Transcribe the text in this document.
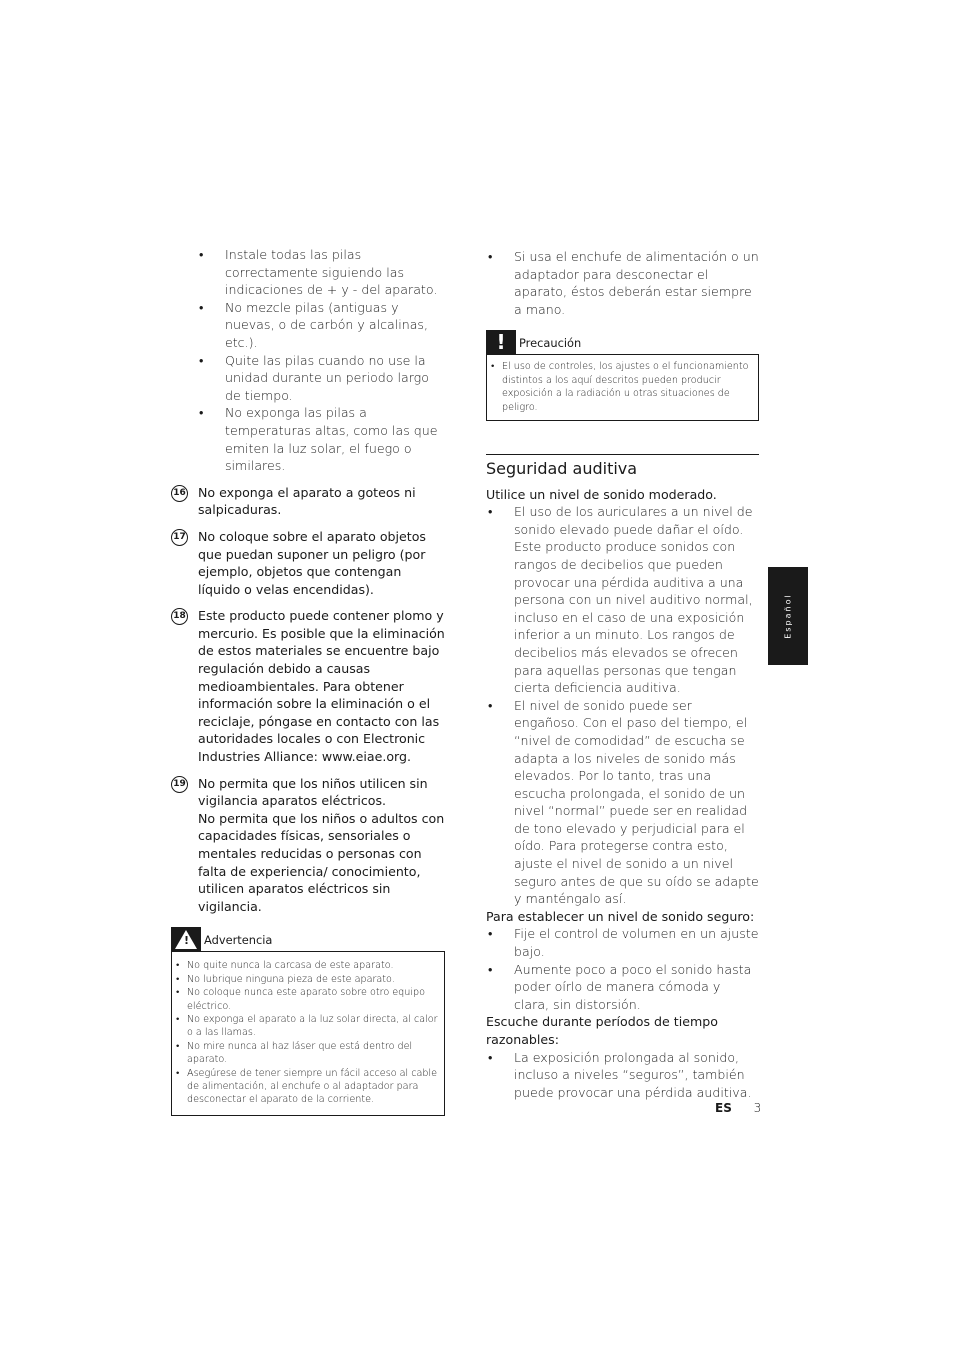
• Instale todas las pilas correctamente siguiendo las indicaciones de + y - del aparato.
• No mezcle pilas (antiguas y nuevas, o de carbón y alcalinas, etc.).
• Quite las pilas cuando no use la unidad durante un periodo largo de tiempo.
• No exponga las pilas a temperaturas altas, como las que emiten la luz solar, el fuego o similares.
16 No exponga el aparato a goteos ni salpicaduras.

17 No coloque sobre el aparato objetos que puedan suponer un peligro (por ejemplo, objetos que contengan líquido o velas encendidas).

18 Este producto puede contener plomo y mercurio. Es posible que la eliminación de estos materiales se encuentre bajo regulación debido a causas medioambientales. Para obtener información sobre la eliminación o el reciclaje, póngase en contacto con las autoridades locales o con Electronic Industries Alliance: www.eiae.org.

19 No permita que los niños utilicen sin vigilancia aparatos eléctricos.

No permita que los niños o adultos con capacidades físicas, sensoriales o mentales reducidas o personas con falta de experiencia/ conocimiento, utilicen aparatos eléctricos sin vigilancia.

! Advertencia
• No quite nunca la carcasa de este aparato.
• No lubrique ninguna pieza de este aparato.
• No coloque nunca este aparato sobre otro equipo eléctrico.
• No exponga el aparato a la luz solar directa, al calor o a las llamas.
• No mire nunca al haz láser que está dentro del aparato.
• Asegúrese de tener siempre un fácil acceso al cable de alimentación, al enchufe o al adaptador para desconectar el aparato de la corriente.
• Si usa el enchufe de alimentación o un adaptador para desconectar el aparato, éstos deberán estar siempre a mano.
! Precaución
• El uso de controles, los ajustes o el funcionamiento distintos a los aquí descritos pueden producir exposición a la radiación u otras situaciones de peligro.
Seguridad auditiva

Utilice un nivel de sonido moderado.

• El uso de los auriculares a un nivel de sonido elevado puede dañar el oído. Este producto produce sonidos con rangos de decibelios que pueden provocar una pérdida auditiva a una persona con un nivel auditivo normal, incluso en el caso de una exposición inferior a un minuto. Los rangos de decibelios más elevados se ofrecen para aquellas personas que tengan cierta deficiencia auditiva.
• El nivel de sonido puede ser engañoso. Con el paso del tiempo, el “nivel de comodidad” de escucha se adapta a los niveles de sonido más elevados. Por lo tanto, tras una escucha prolongada, el sonido de un nivel “normal” puede ser en realidad de tono elevado y perjudicial para el oído. Para protegerse contra esto, ajuste el nivel de sonido a un nivel seguro antes de que su oído se adapte y manténgalo así.

Para establecer un nivel de sonido seguro:

• Fije el control de volumen en un ajuste bajo.
• Aumente poco a poco el sonido hasta poder oírlo de manera cómoda y clara, sin distorsión.

Escuche durante períodos de tiempo razonables:

• La exposición prolongada al sonido, incluso a niveles “seguros”, también puede provocar una pérdida auditiva.
Español
ES 3
